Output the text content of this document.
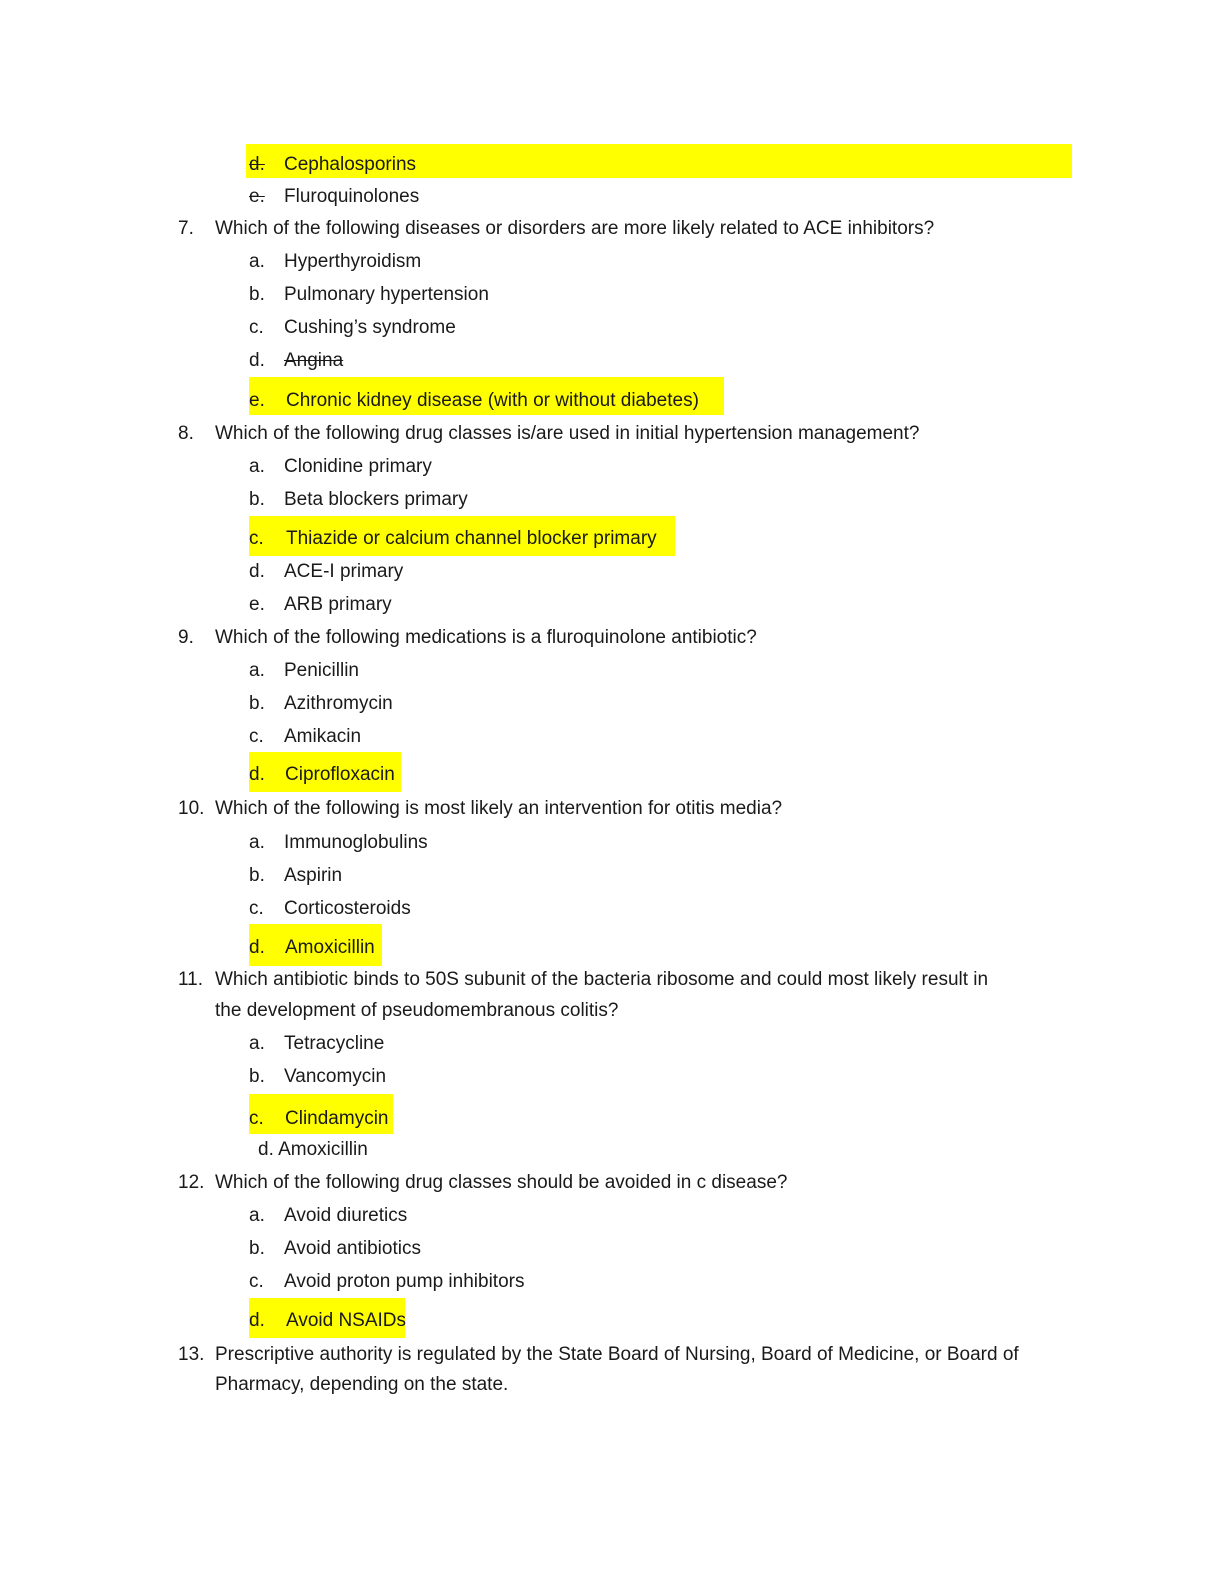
d. Cephalosporins
e. Fluroquinolones
7.	Which of the following diseases or disorders are more likely related to ACE inhibitors?
a. Hyperthyroidism
b. Pulmonary hypertension
c. Cushing’s syndrome
d. Angina
e. Chronic kidney disease (with or without diabetes)
8.	Which of the following drug classes is/are used in initial hypertension management?
a. Clonidine primary
b. Beta blockers primary
c. Thiazide or calcium channel blocker primary
d. ACE-I primary
e. ARB primary
9.	Which of the following medications is a fluroquinolone antibiotic?
a. Penicillin
b. Azithromycin
c. Amikacin
d. Ciprofloxacin
10. Which of the following is most likely an intervention for otitis media?
a. Immunoglobulins
b. Aspirin
c. Corticosteroids
d. Amoxicillin
11. Which antibiotic binds to 50S subunit of the bacteria ribosome and could most likely result in
the development of pseudomembranous colitis?
a. Tetracycline
b. Vancomycin
c. Clindamycin
d. Amoxicillin
12. Which of the following drug classes should be avoided in c disease?
a. Avoid diuretics
b. Avoid antibiotics
c. Avoid proton pump inhibitors
d. Avoid NSAIDs
13. Prescriptive authority is regulated by the State Board of Nursing, Board of Medicine, or Board of
Pharmacy, depending on the state.
